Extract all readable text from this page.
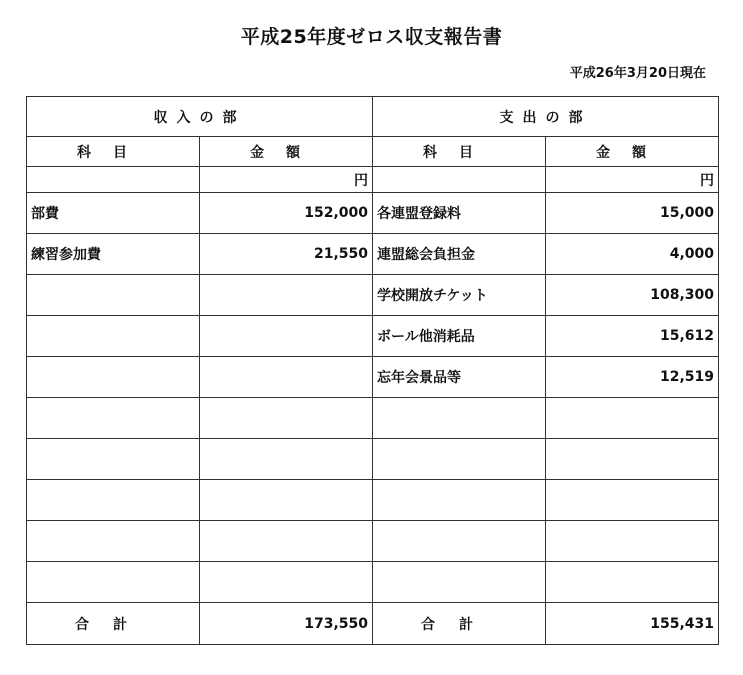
平成25年度ゼロス収支報告書
平成26年3月20日現在
収入の部		支出の部	
科目	金額	科目	金額
	円		円
部費	152,000	各連盟登録料	15,000
練習参加費	21,550	連盟総会負担金	4,000
		学校開放チケット	108,300
		ボール他消耗品	15,612
		忘年会景品等	12,519

合計	173,550	合計	155,431
